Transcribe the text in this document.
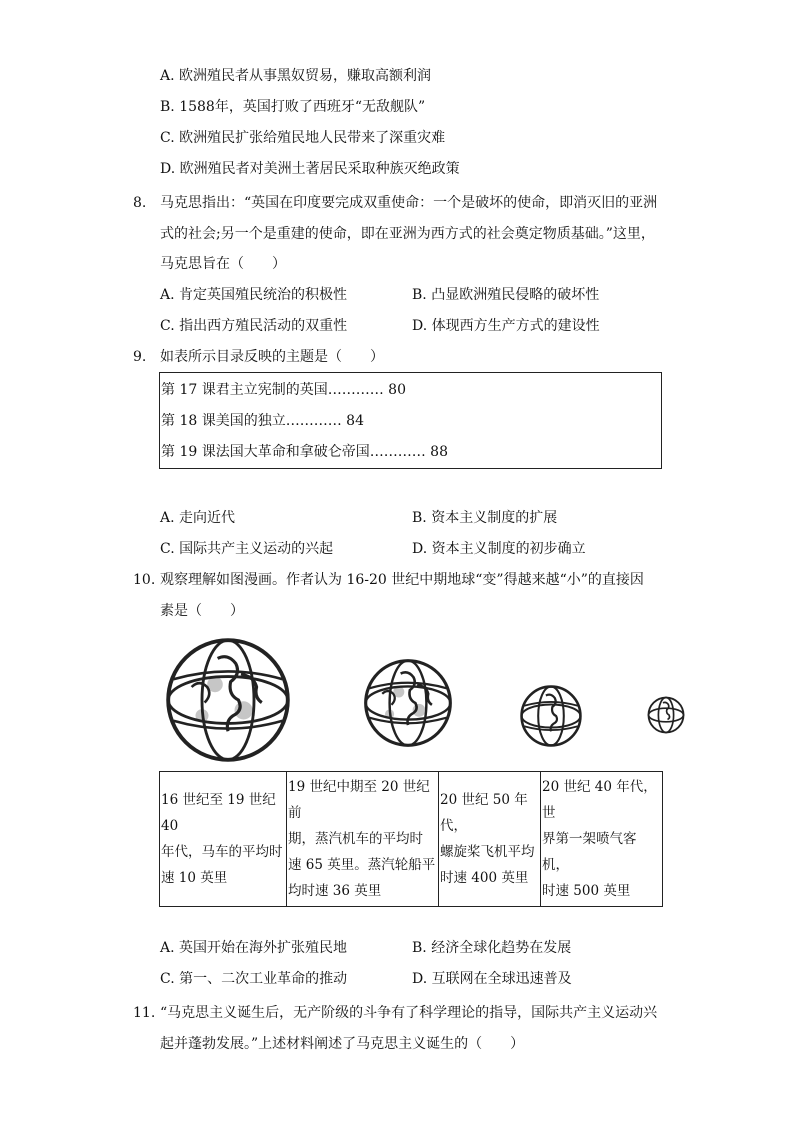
A. 欧洲殖民者从事黑奴贸易，赚取高额利润
B. 1588年，英国打败了西班牙“无敌舰队”
C. 欧洲殖民扩张给殖民地人民带来了深重灾难
D. 欧洲殖民者对美洲土著居民采取种族灭绝政策
8. 马克思指出：“英国在印度要完成双重使命：一个是破坏的使命，即消灭旧的亚洲
式的社会;另一个是重建的使命，即在亚洲为西方式的社会奠定物质基础。”这里，
马克思旨在（　　）
A. 肯定英国殖民统治的积极性	B. 凸显欧洲殖民侵略的破坏性
C. 指出西方殖民活动的双重性	D. 体现西方生产方式的建设性
9. 如表所示目录反映的主题是（　　）
第 17 课君主立宪制的英国………… 80
第 18 课美国的独立………… 84
第 19 课法国大革命和拿破仑帝国………… 88
A. 走向近代	B. 资本主义制度的扩展
C. 国际共产主义运动的兴起	D. 资本主义制度的初步确立
10. 观察理解如图漫画。作者认为 16-20 世纪中期地球“变”得越来越“小”的直接因
素是（　　）
16 世纪至 19 世纪 40
年代，马车的平均时
速 10 英里

19 世纪中期至 20 世纪前
期，蒸汽机车的平均时
速 65 英里。蒸汽轮船平
均时速 36 英里

20 世纪 50 年代，
螺旋桨飞机平均
时速 400 英里

20 世纪 40 年代，世
界第一架喷气客机，
时速 500 英里
A. 英国开始在海外扩张殖民地	B. 经济全球化趋势在发展
C. 第一、二次工业革命的推动	D. 互联网在全球迅速普及
11. “马克思主义诞生后，无产阶级的斗争有了科学理论的指导，国际共产主义运动兴
起并蓬勃发展。”上述材料阐述了马克思主义诞生的（　　）
